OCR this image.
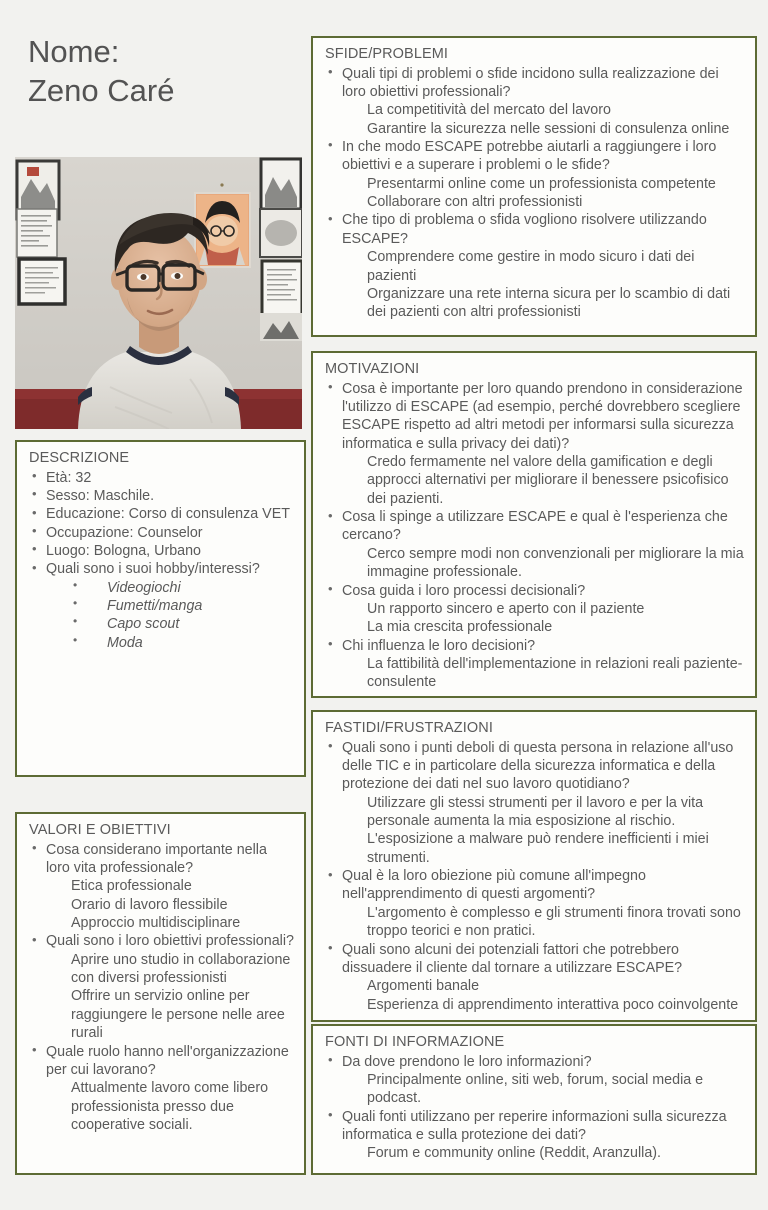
Nome:
Zeno Caré
DESCRIZIONE
• Età: 32
• Sesso: Maschile.
• Educazione: Corso di consulenza VET
• Occupazione: Counselor
• Luogo: Bologna, Urbano
• Quali sono i suoi hobby/interessi?
• Videogiochi
• Fumetti/manga
• Capo scout
• Moda
VALORI E OBIETTIVI
• Cosa considerano importante nella loro vita professionale?
Etica professionale
Orario di lavoro flessibile
Approccio multidisciplinare
• Quali sono i loro obiettivi professionali?
Aprire uno studio in collaborazione con diversi professionisti
Offrire un servizio online per raggiungere le persone nelle aree rurali
• Quale ruolo hanno nell'organizzazione per cui lavorano?
Attualmente lavoro come libero professionista presso due cooperative sociali.
SFIDE/PROBLEMI
• Quali tipi di problemi o sfide incidono sulla realizzazione dei loro obiettivi professionali?
La competitività del mercato del lavoro
Garantire la sicurezza nelle sessioni di consulenza online
• In che modo ESCAPE potrebbe aiutarli a raggiungere i loro obiettivi e a superare i problemi o le sfide?
Presentarmi online come un professionista competente
Collaborare con altri professionisti
• Che tipo di problema o sfida vogliono risolvere utilizzando ESCAPE?
Comprendere come gestire in modo sicuro i dati dei pazienti
Organizzare una rete interna sicura per lo scambio di dati dei pazienti con altri professionisti
MOTIVAZIONI
• Cosa è importante per loro quando prendono in considerazione l'utilizzo di ESCAPE (ad esempio, perché dovrebbero scegliere ESCAPE rispetto ad altri metodi per informarsi sulla sicurezza informatica e sulla privacy dei dati)?
Credo fermamente nel valore della gamification e degli approcci alternativi per migliorare il benessere psicofisico dei pazienti.
• Cosa li spinge a utilizzare ESCAPE e qual è l'esperienza che cercano?
Cerco sempre modi non convenzionali per migliorare la mia immagine professionale.
• Cosa guida i loro processi decisionali?
Un rapporto sincero e aperto con il paziente
La mia crescita professionale
• Chi influenza le loro decisioni?
La fattibilità dell'implementazione in relazioni reali paziente-consulente
FASTIDI/FRUSTRAZIONI
• Quali sono i punti deboli di questa persona in relazione all'uso delle TIC e in particolare della sicurezza informatica e della protezione dei dati nel suo lavoro quotidiano?
Utilizzare gli stessi strumenti per il lavoro e per la vita personale aumenta la mia esposizione al rischio.
L'esposizione a malware può rendere inefficienti i miei strumenti.
• Qual è la loro obiezione più comune all'impegno nell'apprendimento di questi argomenti?
L'argomento è complesso e gli strumenti finora trovati sono troppo teorici e non pratici.
• Quali sono alcuni dei potenziali fattori che potrebbero dissuadere il cliente dal tornare a utilizzare ESCAPE?
Argomenti banale
Esperienza di apprendimento interattiva poco coinvolgente
FONTI DI INFORMAZIONE
• Da dove prendono le loro informazioni?
Principalmente online, siti web, forum, social media e podcast.
• Quali fonti utilizzano per reperire informazioni sulla sicurezza informatica e sulla protezione dei dati?
Forum e community online (Reddit, Aranzulla).
